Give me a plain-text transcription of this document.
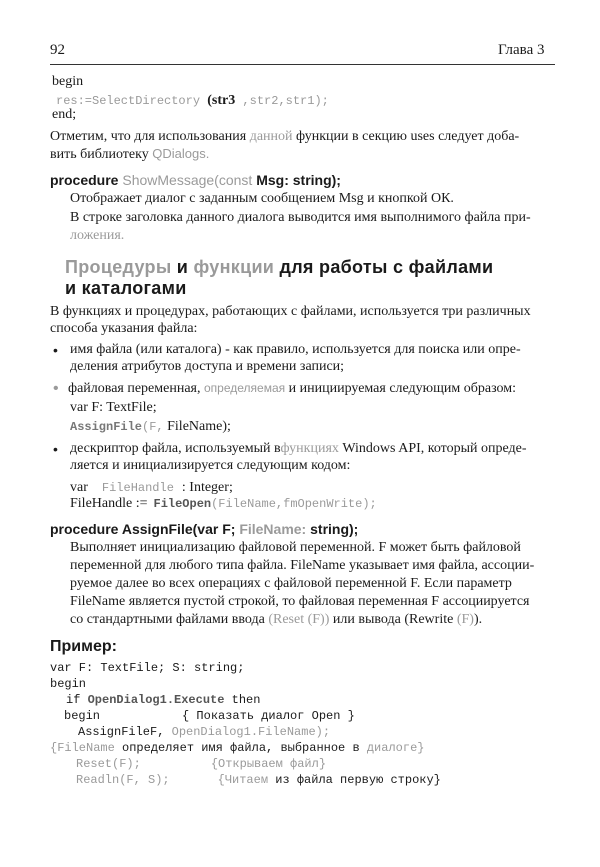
92	Глава 3
begin
res:=SelectDirectory (str3 ,str2,str1);
end;
Отметим, что для использования данной функции в секцию uses следует доба-
вить библиотеку QDialogs.
procedure ShowMessage(const Msg: string);
Отображает диалог с заданным сообщением Msg и кнопкой ОК.
В строке заголовка данного диалога выводится имя выполнимого файла при-
ложения.
Процедуры и функции для работы с файлами
и каталогами
В функциях и процедурах, работающих с файлами, используется три различных
способа указания файла:
• имя файла (или каталога) - как правило, используется для поиска или опре-
деления атрибутов доступа и времени записи;
• файловая переменная, определяемая и инициируемая следующим образом:
var F: TextFile;
AssignFile(F, FileName);
• дескриптор файла, используемый вфункциях Windows API, который опреде-
ляется и инициализируется следующим кодом:
var FileHandle : Integer;
FileHandle := FileOpen(FileName,fmOpenWrite);
procedure AssignFile(var F; FileName: string);
Выполняет инициализацию файловой переменной. F может быть файловой
переменной для любого типа файла. FileName указывает имя файла, ассоции-
руемое далее во всех операциях с файловой переменной F. Если параметр
FileName является пустой строкой, то файловая переменная F ассоциируется
со стандартными файлами ввода (Reset (F)) или вывода (Rewrite (F)).
Пример:
var F: TextFile; S: string;
begin
if OpenDialog1.Execute then
begin	{ Показать диалог Open }
AssignFileF, OpenDialog1.FileName);
{FileName определяет имя файла, выбранное в диалоге}
Reset(F);	{Открываем файл}
Readln(F, S);	{Читаем из файла первую строку}
